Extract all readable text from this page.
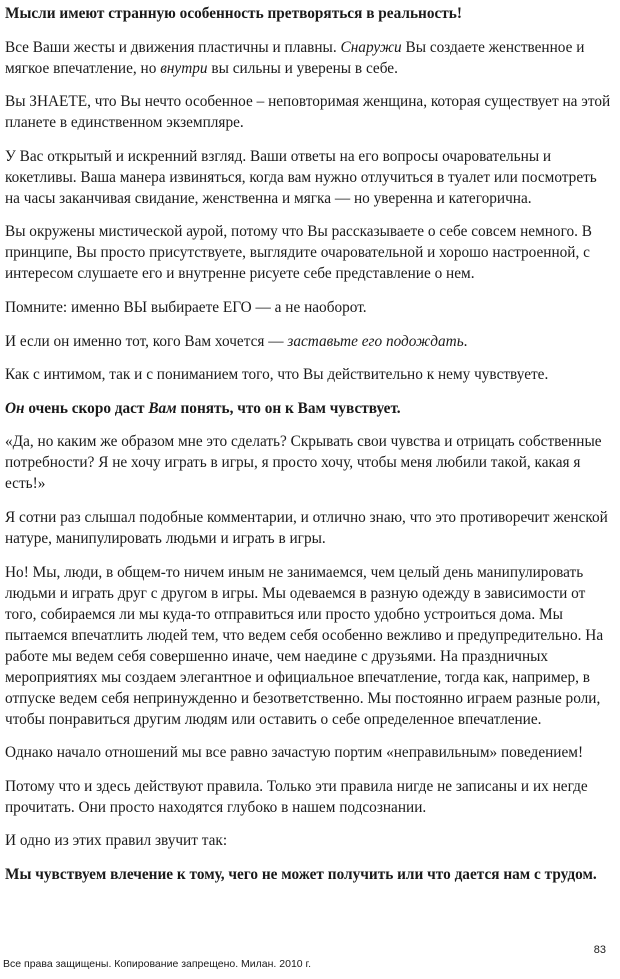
Мысли имеют странную особенность претворяться в реальность!

Все Ваши жесты и движения пластичны и плавны. Снаружи Вы создаете женственное и мягкое впечатление, но внутри вы сильны и уверены в себе.

Вы ЗНАЕТЕ, что Вы нечто особенное – неповторимая женщина, которая существует на этой планете в единственном экземпляре.

У Вас открытый и искренний взгляд. Ваши ответы на его вопросы очаровательны и кокетливы. Ваша манера извиняться, когда вам нужно отлучиться в туалет или посмотреть на часы заканчивая свидание, женственна и мягка — но уверенна и категорична.

Вы окружены мистической аурой, потому что Вы рассказываете о себе совсем немного. В принципе, Вы просто присутствуете, выглядите очаровательной и хорошо настроенной, с интересом слушаете его и внутренне рисуете себе представление о нем.

Помните: именно ВЫ выбираете ЕГО — а не наоборот.

И если он именно тот, кого Вам хочется — заставьте его подождать.

Как с интимом, так и с пониманием того, что Вы действительно к нему чувствуете.

Он очень скоро даст Вам понять, что он к Вам чувствует.

«Да, но каким же образом мне это сделать? Скрывать свои чувства и отрицать собственные потребности? Я не хочу играть в игры, я просто хочу, чтобы меня любили такой, какая я есть!»

Я сотни раз слышал подобные комментарии, и отлично знаю, что это противоречит женской натуре, манипулировать людьми и играть в игры.

Но! Мы, люди, в общем-то ничем иным не занимаемся, чем целый день манипулировать людьми и играть друг с другом в игры. Мы одеваемся в разную одежду в зависимости от того, собираемся ли мы куда-то отправиться или просто удобно устроиться дома. Мы пытаемся впечатлить людей тем, что ведем себя особенно вежливо и предупредительно. На работе мы ведем себя совершенно иначе, чем наедине с друзьями. На праздничных мероприятиях мы создаем элегантное и официальное впечатление, тогда как, например, в отпуске ведем себя непринужденно и безответственно. Мы постоянно играем разные роли, чтобы понравиться другим людям или оставить о себе определенное впечатление.

Однако начало отношений мы все равно зачастую портим «неправильным» поведением!

Потому что и здесь действуют правила. Только эти правила нигде не записаны и их негде прочитать. Они просто находятся глубоко в нашем подсознании.

И одно из этих правил звучит так:

Мы чувствуем влечение к тому, чего не может получить или что дается нам с трудом.

83
Все права защищены. Копирование запрещено. Милан. 2010 г.
